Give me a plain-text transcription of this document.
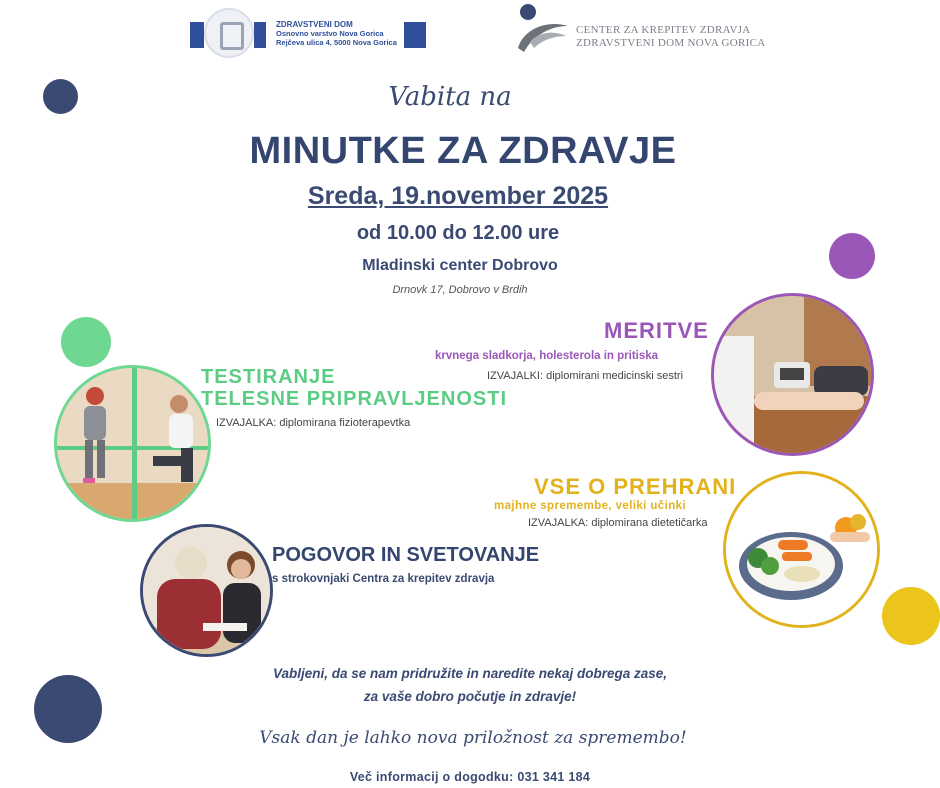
ZDRAVSTVENI DOM
Osnovno varstvo Nova Gorica
Rejčeva ulica 4, 5000 Nova Gorica
CENTER ZA KREPITEV ZDRAVJA
ZDRAVSTVENI DOM NOVA GORICA
Vabita na
MINUTKE ZA ZDRAVJE
Sreda, 19.november 2025
od 10.00 do 12.00 ure
Mladinski center Dobrovo
Drnovk 17, Dobrovo v Brdih
MERITVE
krvnega sladkorja, holesterola in pritiska
IZVAJALKI: diplomirani medicinski sestri
TESTIRANJE
TELESNE PRIPRAVLJENOSTI
IZVAJALKA: diplomirana fizioterapevtka
VSE O PREHRANI
majhne spremembe, veliki učinki
IZVAJALKA: diplomirana dietetičarka
POGOVOR IN SVETOVANJE
s strokovnjaki Centra za krepitev zdravja
Vabljeni, da se nam pridružite in naredite nekaj dobrega zase,
za vaše dobro počutje in zdravje!
Vsak dan je lahko nova priložnost za spremembo!
Več informacij o dogodku: 031 341 184
